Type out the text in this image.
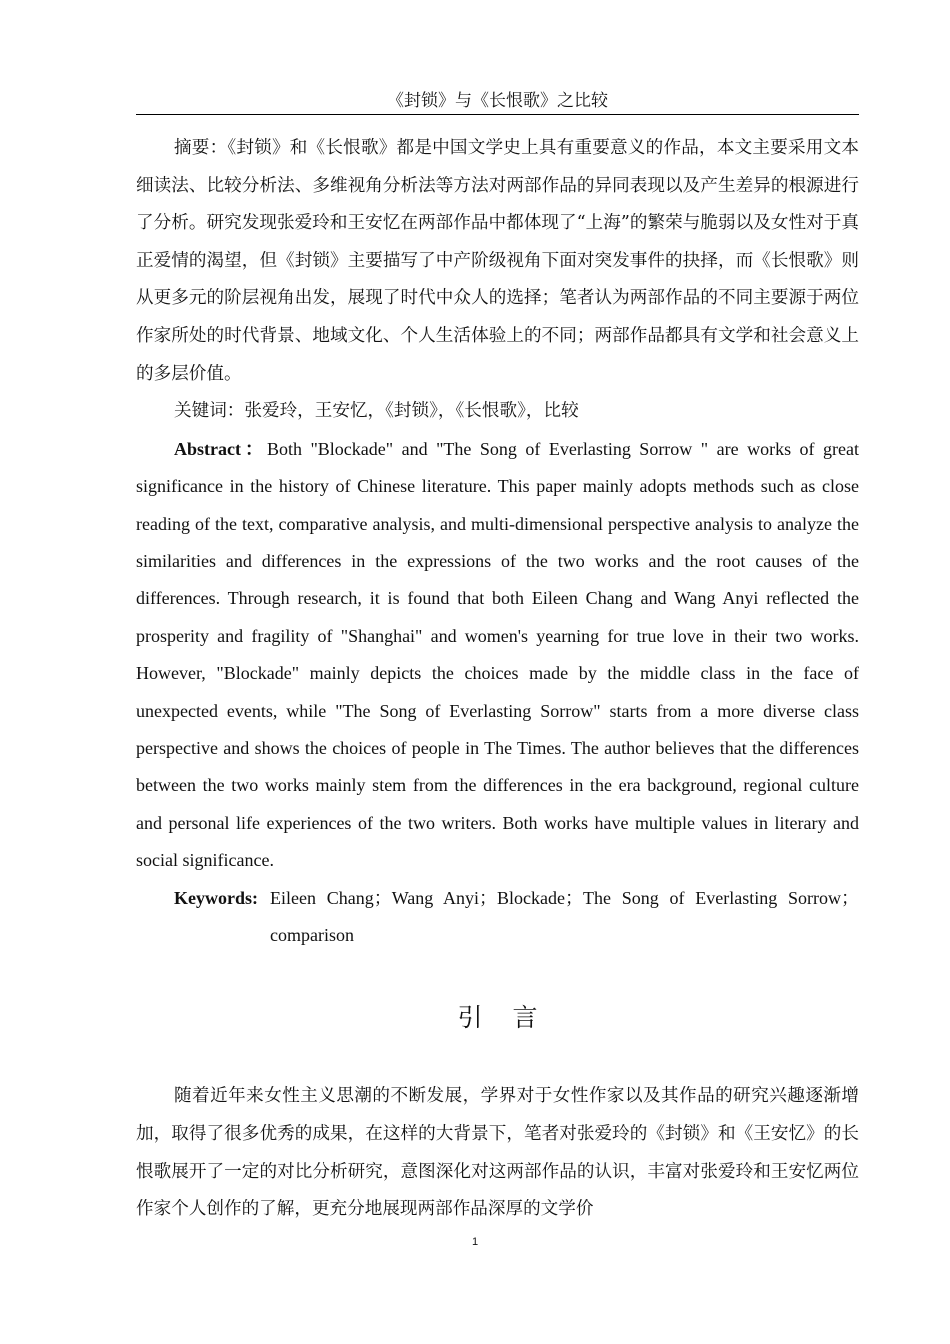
《封锁》与《长恨歌》之比较

摘要：《封锁》和《长恨歌》都是中国文学史上具有重要意义的作品，本文主要采用文本细读法、比较分析法、多维视角分析法等方法对两部作品的异同表现以及产生差异的根源进行了分析。研究发现张爱玲和王安忆在两部作品中都体现了“上海”的繁荣与脆弱以及女性对于真正爱情的渴望，但《封锁》主要描写了中产阶级视角下面对突发事件的抉择，而《长恨歌》则从更多元的阶层视角出发，展现了时代中众人的选择；笔者认为两部作品的不同主要源于两位作家所处的时代背景、地域文化、个人生活体验上的不同；两部作品都具有文学和社会意义上的多层价值。

关键词：张爱玲，王安忆，《封锁》，《长恨歌》，比较

Abstract：Both "Blockade" and "The Song of Everlasting Sorrow " are works of great significance in the history of Chinese literature. This paper mainly adopts methods such as close reading of the text, comparative analysis, and multi-dimensional perspective analysis to analyze the similarities and differences in the expressions of the two works and the root causes of the differences. Through research, it is found that both Eileen Chang and Wang Anyi reflected the prosperity and fragility of "Shanghai" and women's yearning for true love in their two works. However, "Blockade" mainly depicts the choices made by the middle class in the face of unexpected events, while "The Song of Everlasting Sorrow" starts from a more diverse class perspective and shows the choices of people in The Times. The author believes that the differences between the two works mainly stem from the differences in the era background, regional culture and personal life experiences of the two writers. Both works have multiple values in literary and social significance.

Keywords: Eileen Chang；Wang Anyi；Blockade；The Song of Everlasting Sorrow；comparison
引言

随着近年来女性主义思潮的不断发展，学界对于女性作家以及其作品的研究兴趣逐渐增加，取得了很多优秀的成果，在这样的大背景下，笔者对张爱玲的《封锁》和《王安忆》的长恨歌展开了一定的对比分析研究，意图深化对这两部作品的认识，丰富对张爱玲和王安忆两位作家个人创作的了解，更充分地展现两部作品深厚的文学价

1
